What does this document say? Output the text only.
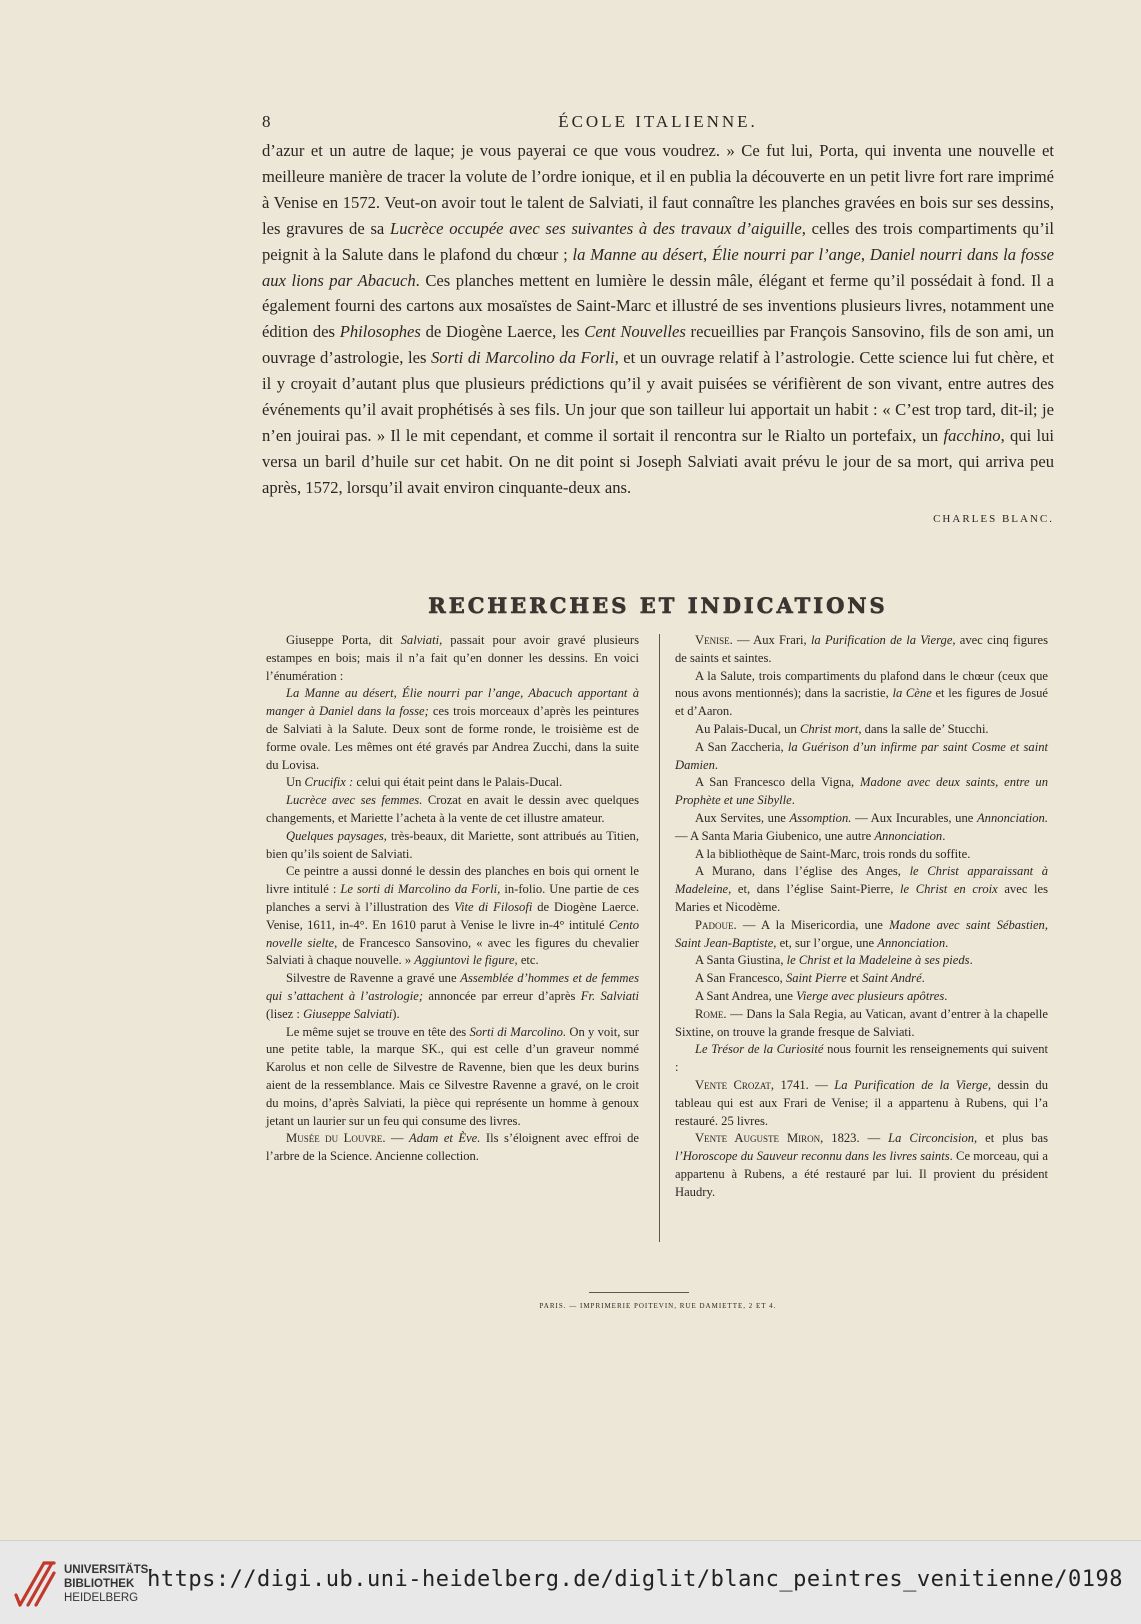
8	ÉCOLE ITALIENNE.

d’azur et un autre de laque; je vous payerai ce que vous voudrez. » Ce fut lui, Porta, qui inventa une nouvelle et meilleure manière de tracer la volute de l’ordre ionique, et il en publia la découverte en un petit livre fort rare imprimé à Venise en 1572. Veut-on avoir tout le talent de Salviati, il faut connaître les planches gravées en bois sur ses dessins, les gravures de sa Lucrèce occupée avec ses suivantes à des travaux d’aiguille, celles des trois compartiments qu’il peignit à la Salute dans le plafond du chœur ; la Manne au désert, Élie nourri par l’ange, Daniel nourri dans la fosse aux lions par Abacuch. Ces planches mettent en lumière le dessin mâle, élégant et ferme qu’il possédait à fond. Il a également fourni des cartons aux mosaïstes de Saint-Marc et illustré de ses inventions plusieurs livres, notamment une édition des Philosophes de Diogène Laerce, les Cent Nouvelles recueillies par François Sansovino, fils de son ami, un ouvrage d’astrologie, les Sorti di Marcolino da Forli, et un ouvrage relatif à l’astrologie. Cette science lui fut chère, et il y croyait d’autant plus que plusieurs prédictions qu’il y avait puisées se vérifièrent de son vivant, entre autres des événements qu’il avait prophétisés à ses fils. Un jour que son tailleur lui apportait un habit : « C’est trop tard, dit-il; je n’en jouirai pas. » Il le mit cependant, et comme il sortait il rencontra sur le Rialto un portefaix, un facchino, qui lui versa un baril d’huile sur cet habit. On ne dit point si Joseph Salviati avait prévu le jour de sa mort, qui arriva peu après, 1572, lorsqu’il avait environ cinquante-deux ans.

CHARLES BLANC.
RECHERCHES ET INDICATIONS

Giuseppe Porta, dit Salviati, passait pour avoir gravé plusieurs estampes en bois; mais il n’a fait qu’en donner les dessins. En voici l’énumération :

La Manne au désert, Élie nourri par l’ange, Abacuch apportant à manger à Daniel dans la fosse; ces trois morceaux d’après les peintures de Salviati à la Salute. Deux sont de forme ronde, le troisième est de forme ovale. Les mêmes ont été gravés par Andrea Zucchi, dans la suite du Lovisa.

Un Crucifix : celui qui était peint dans le Palais-Ducal.

Lucrèce avec ses femmes. Crozat en avait le dessin avec quelques changements, et Mariette l’acheta à la vente de cet illustre amateur.

Quelques paysages, très-beaux, dit Mariette, sont attribués au Titien, bien qu’ils soient de Salviati.

Ce peintre a aussi donné le dessin des planches en bois qui ornent le livre intitulé : Le sorti di Marcolino da Forli, in-folio. Une partie de ces planches a servi à l’illustration des Vite di Filosofi de Diogène Laerce. Venise, 1611, in-4°. En 1610 parut à Venise le livre in-4° intitulé Cento novelle sielte, de Francesco Sansovino, « avec les figures du chevalier Salviati à chaque nouvelle. » Aggiuntovi le figure, etc.

Silvestre de Ravenne a gravé une Assemblée d’hommes et de femmes qui s’attachent à l’astrologie; annoncée par erreur d’après Fr. Salviati (lisez : Giuseppe Salviati).

Le même sujet se trouve en tête des Sorti di Marcolino. On y voit, sur une petite table, la marque SK., qui est celle d’un graveur nommé Karolus et non celle de Silvestre de Ravenne, bien que les deux burins aient de la ressemblance. Mais ce Silvestre Ravenne a gravé, on le croit du moins, d’après Salviati, la pièce qui représente un homme à genoux jetant un laurier sur un feu qui consume des livres.

Musée du Louvre. — Adam et Ève. Ils s’éloignent avec effroi de l’arbre de la Science. Ancienne collection.

Venise. — Aux Frari, la Purification de la Vierge, avec cinq figures de saints et saintes.

A la Salute, trois compartiments du plafond dans le chœur (ceux que nous avons mentionnés); dans la sacristie, la Cène et les figures de Josué et d’Aaron.

Au Palais-Ducal, un Christ mort, dans la salle de’ Stucchi.

A San Zaccheria, la Guérison d’un infirme par saint Cosme et saint Damien.

A San Francesco della Vigna, Madone avec deux saints, entre un Prophète et une Sibylle.

Aux Servites, une Assomption. — Aux Incurables, une Annonciation. — A Santa Maria Giubenico, une autre Annonciation.

A la bibliothèque de Saint-Marc, trois ronds du soffite.

A Murano, dans l’église des Anges, le Christ apparaissant à Madeleine, et, dans l’église Saint-Pierre, le Christ en croix avec les Maries et Nicodème.

Padoue. — A la Misericordia, une Madone avec saint Sébastien, Saint Jean-Baptiste, et, sur l’orgue, une Annonciation.

A Santa Giustina, le Christ et la Madeleine à ses pieds.

A San Francesco, Saint Pierre et Saint André.

A Sant Andrea, une Vierge avec plusieurs apôtres.

Rome. — Dans la Sala Regia, au Vatican, avant d’entrer à la chapelle Sixtine, on trouve la grande fresque de Salviati.

Le Trésor de la Curiosité nous fournit les renseignements qui suivent :

Vente Crozat, 1741. — La Purification de la Vierge, dessin du tableau qui est aux Frari de Venise; il a appartenu à Rubens, qui l’a restauré. 25 livres.

Vente Auguste Miron, 1823. — La Circoncision, et plus bas l’Horoscope du Sauveur reconnu dans les livres saints. Ce morceau, qui a appartenu à Rubens, a été restauré par lui. Il provient du président Haudry.

PARIS. — IMPRIMERIE POITEVIN, RUE DAMIETTE, 2 ET 4.
UNIVERSITÄTS-
BIBLIOTHEK
HEIDELBERG
https://digi.ub.uni-heidelberg.de/diglit/blanc_peintres_venitienne/0198
